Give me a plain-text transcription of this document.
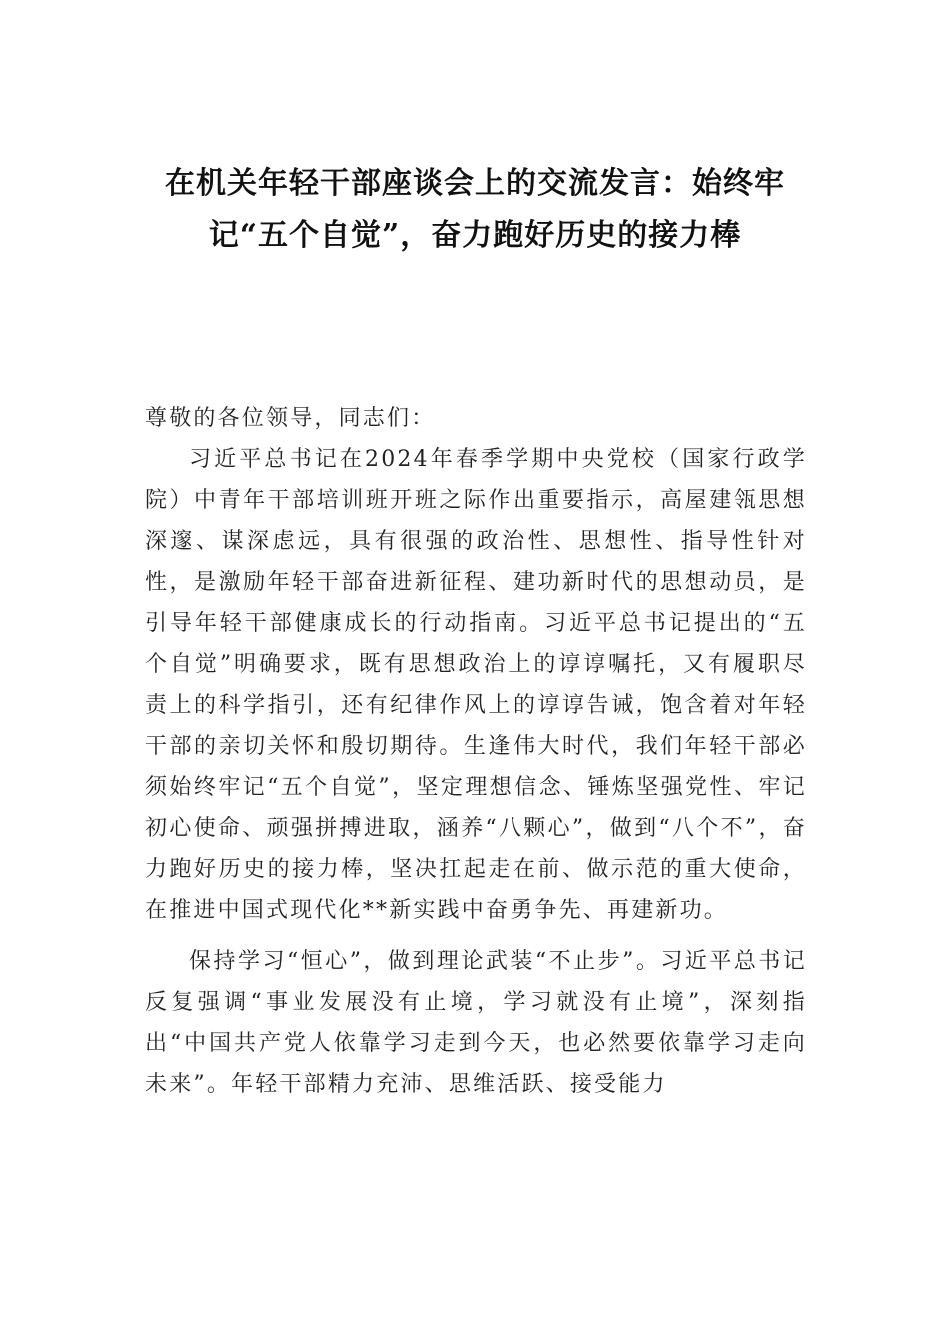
在机关年轻干部座谈会上的交流发言：始终牢记“五个自觉”，奋力跑好历史的接力棒

尊敬的各位领导，同志们：

习近平总书记在2024年春季学期中央党校（国家行政学院）中青年干部培训班开班之际作出重要指示，高屋建瓴思想深邃、谋深虑远，具有很强的政治性、思想性、指导性针对性，是激励年轻干部奋进新征程、建功新时代的思想动员，是引导年轻干部健康成长的行动指南。习近平总书记提出的“五个自觉”明确要求，既有思想政治上的谆谆嘱托，又有履职尽责上的科学指引，还有纪律作风上的谆谆告诫，饱含着对年轻干部的亲切关怀和殷切期待。生逢伟大时代，我们年轻干部必须始终牢记“五个自觉”，坚定理想信念、锤炼坚强党性、牢记初心使命、顽强拼搏进取，涵养“八颗心”，做到“八个不”，奋力跑好历史的接力棒，坚决扛起走在前、做示范的重大使命，在推进中国式现代化**新实践中奋勇争先、再建新功。

保持学习“恒心”，做到理论武装“不止步”。习近平总书记反复强调“事业发展没有止境，学习就没有止境”，深刻指出“中国共产党人依靠学习走到今天，也必然要依靠学习走向未来”。年轻干部精力充沛、思维活跃、接受能力
